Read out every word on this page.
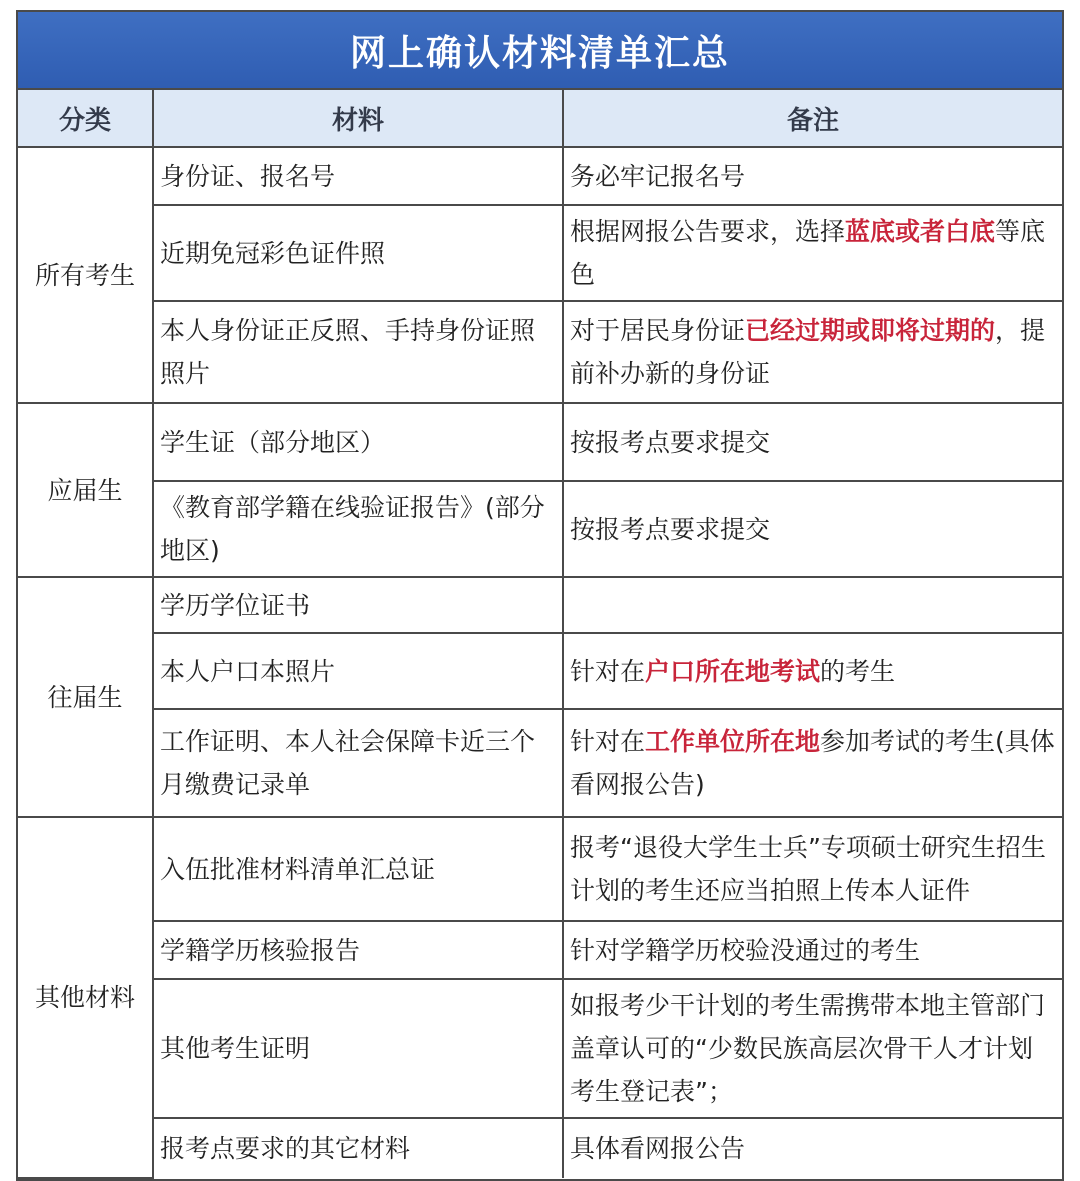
网上确认材料清单汇总
分类	材料	备注
所有考生	身份证、报名号	务必牢记报名号
	近期免冠彩色证件照	根据网报公告要求，选择蓝底或者白底等底色
	本人身份证正反照、手持身份证照照片	对于居民身份证已经过期或即将过期的，提前补办新的身份证
应届生	学生证（部分地区）	按报考点要求提交
	《教育部学籍在线验证报告》(部分地区)	按报考点要求提交
往届生	学历学位证书	
	本人户口本照片	针对在户口所在地考试的考生
	工作证明、本人社会保障卡近三个月缴费记录单	针对在工作单位所在地参加考试的考生(具体看网报公告)
其他材料	入伍批准材料清单汇总证	报考“退役大学生士兵”专项硕士研究生招生计划的考生还应当拍照上传本人证件
	学籍学历核验报告	针对学籍学历校验没通过的考生
	其他考生证明	如报考少干计划的考生需携带本地主管部门盖章认可的“少数民族高层次骨干人才计划考生登记表”；
	报考点要求的其它材料	具体看网报公告
